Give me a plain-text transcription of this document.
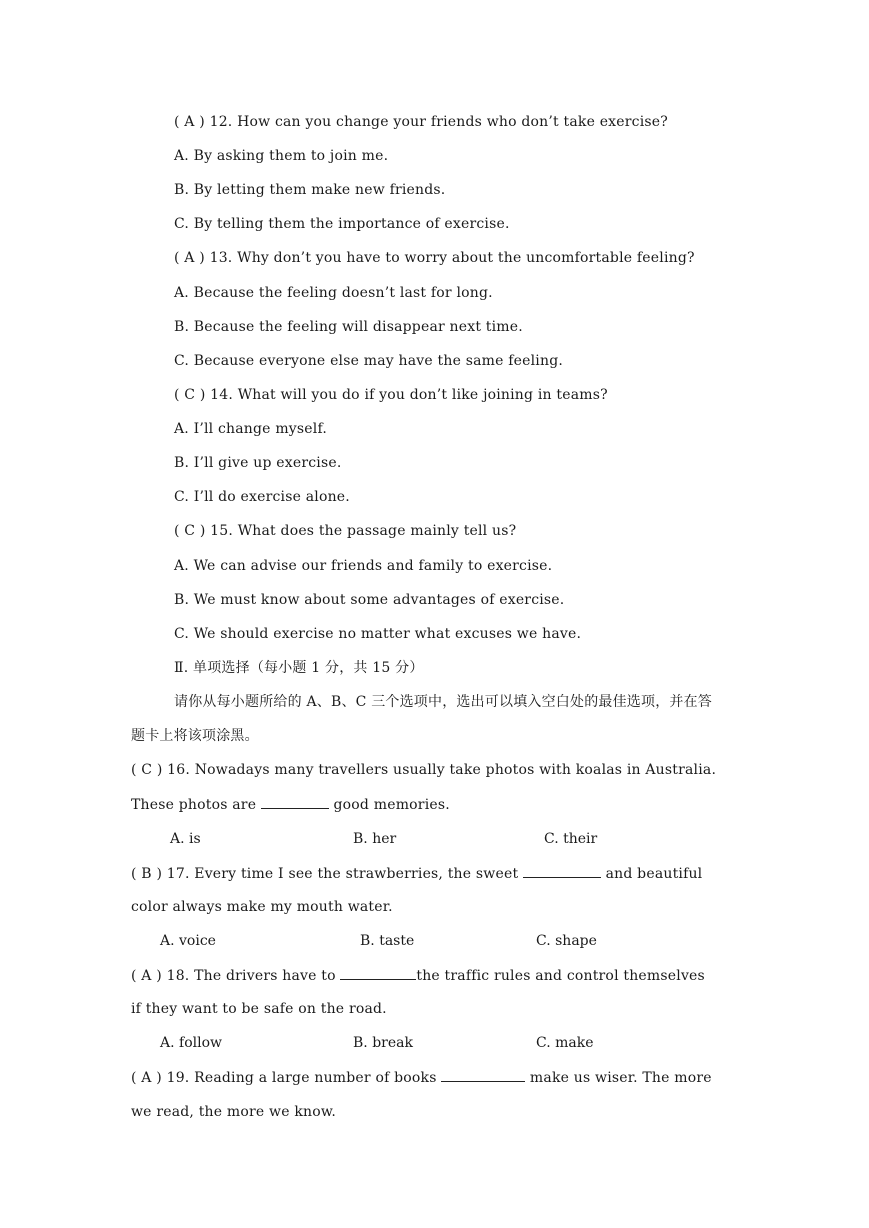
( A ) 12. How can you change your friends who don’t take exercise?
A. By asking them to join me.
B. By letting them make new friends.
C. By telling them the importance of exercise.
( A ) 13. Why don’t you have to worry about the uncomfortable feeling?
A. Because the feeling doesn’t last for long.
B. Because the feeling will disappear next time.
C. Because everyone else may have the same feeling.
( C ) 14. What will you do if you don’t like joining in teams?
A. I’ll change myself.
B. I’ll give up exercise.
C. I’ll do exercise alone.
( C ) 15. What does the passage mainly tell us?
A. We can advise our friends and family to exercise.
B. We must know about some advantages of exercise.
C. We should exercise no matter what excuses we have.
Ⅱ. 单项选择（每小题 1 分，共 15 分）
请你从每小题所给的 A、B、C 三个选项中，选出可以填入空白处的最佳选项，并在答
题卡上将该项涂黑。
( C ) 16. Nowadays many travellers usually take photos with koalas in Australia.
These photos are	good memories.
A. is	B. her	C. their
( B ) 17. Every time I see the strawberries, the sweet	and beautiful
color always make my mouth water.
A. voice	B. taste	C. shape
( A ) 18. The drivers have to	the traffic rules and control themselves
if they want to be safe on the road.
A. follow	B. break	C. make
( A ) 19. Reading a large number of books	make us wiser. The more
we read, the more we know.
